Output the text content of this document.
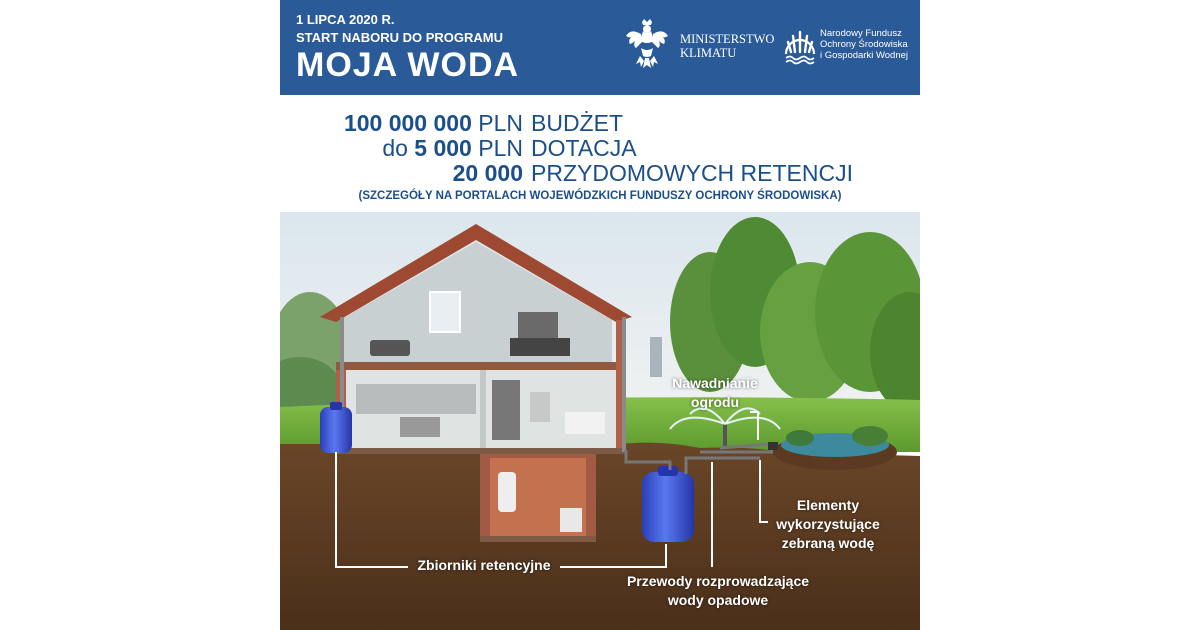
1 LIPCA 2020 R.
START NABORU DO PROGRAMU
MOJA WODA
MINISTERSTWO
KLIMATU
Narodowy Fundusz
Ochrony Środowiska
i Gospodarki Wodnej
100 000 000 PLN BUDŻET
do 5 000 PLN DOTACJA
20 000 PRZYDOMOWYCH RETENCJI
(SZCZEGÓŁY NA PORTALACH WOJEWÓDZKICH FUNDUSZY OCHRONY ŚRODOWISKA)
Nawadnianie
ogrodu
Elementy
wykorzystujące
zebraną wodę
Zbiorniki retencyjne
Przewody rozprowadzające
wody opadowe
